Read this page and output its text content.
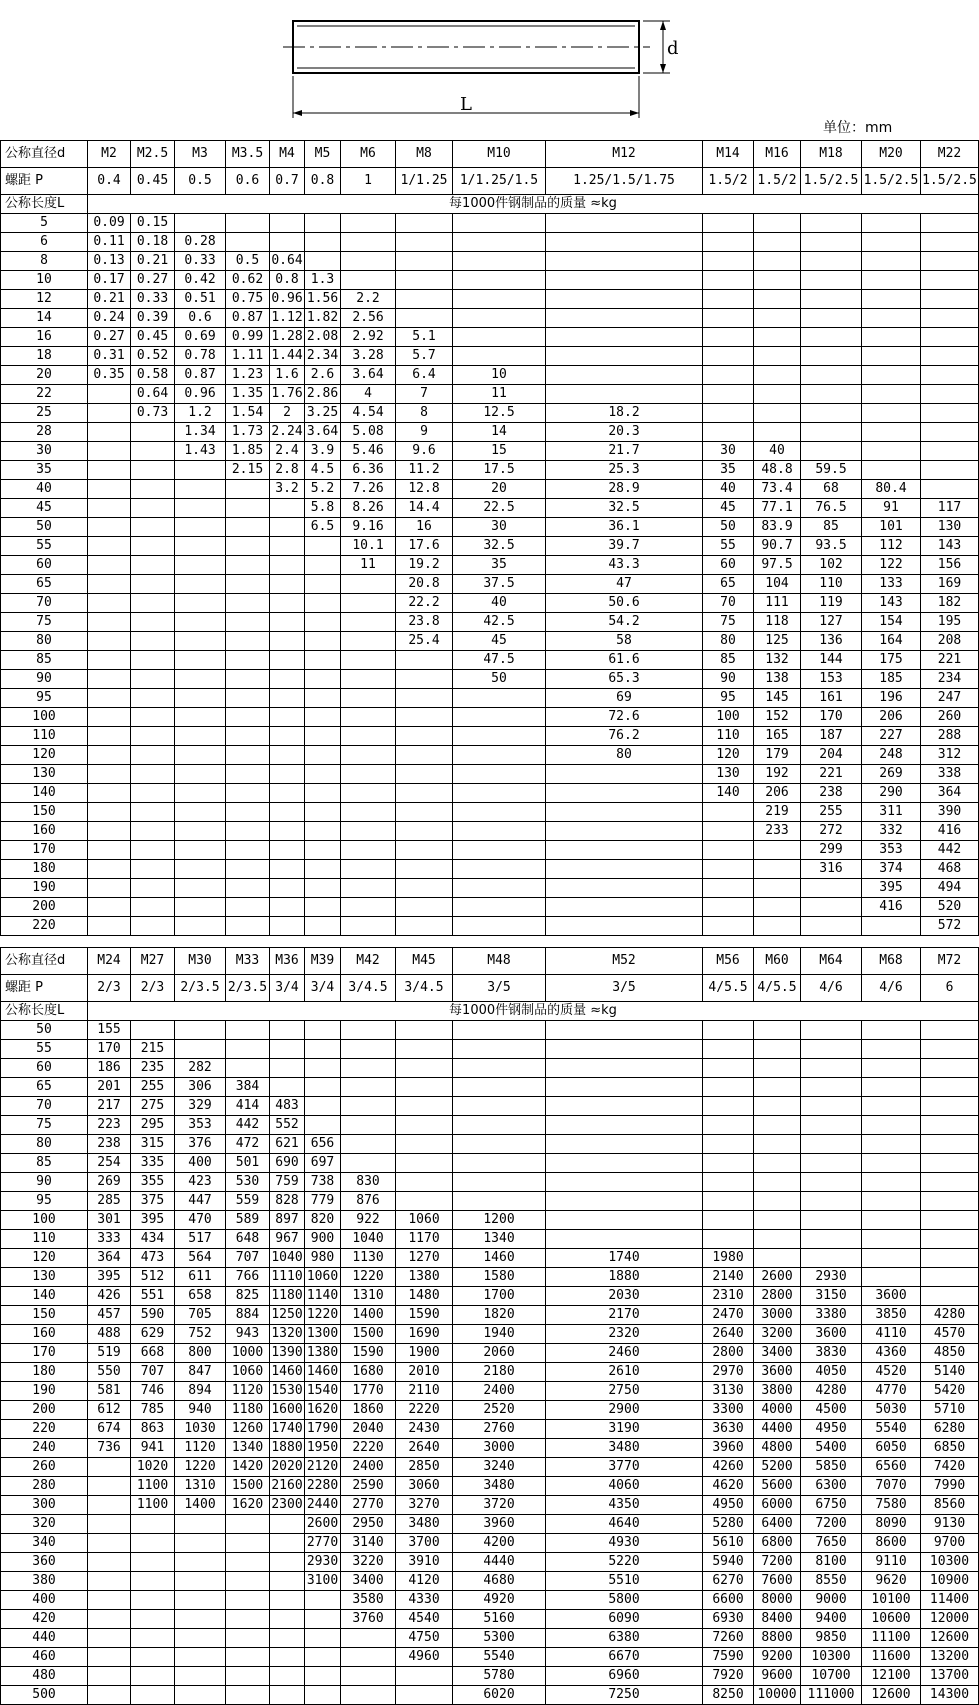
d
L
单位：mm
公称直径d	M2	M2.5	M3	M3.5	M4	M5	M6	M8	M10	M12	M14	M16	M18	M20	M22
螺距 P	0.4	0.45	0.5	0.6	0.7	0.8	1	1/1.25	1/1.25/1.5	1.25/1.5/1.75	1.5/2	1.5/2	1.5/2.5	1.5/2.5	1.5/2.5
公称长度L	每1000件钢制品的质量 ≈kg														
5	0.09	0.15													
6	0.11	0.18	0.28												
8	0.13	0.21	0.33	0.5	0.64										
10	0.17	0.27	0.42	0.62	0.8	1.3									
12	0.21	0.33	0.51	0.75	0.96	1.56	2.2								
14	0.24	0.39	0.6	0.87	1.12	1.82	2.56								
16	0.27	0.45	0.69	0.99	1.28	2.08	2.92	5.1							
18	0.31	0.52	0.78	1.11	1.44	2.34	3.28	5.7							
20	0.35	0.58	0.87	1.23	1.6	2.6	3.64	6.4	10						
22		0.64	0.96	1.35	1.76	2.86	4	7	11						
25		0.73	1.2	1.54	2	3.25	4.54	8	12.5	18.2					
28			1.34	1.73	2.24	3.64	5.08	9	14	20.3					
30			1.43	1.85	2.4	3.9	5.46	9.6	15	21.7	30	40			
35				2.15	2.8	4.5	6.36	11.2	17.5	25.3	35	48.8	59.5		
40					3.2	5.2	7.26	12.8	20	28.9	40	73.4	68	80.4	
45						5.8	8.26	14.4	22.5	32.5	45	77.1	76.5	91	117
50						6.5	9.16	16	30	36.1	50	83.9	85	101	130
55							10.1	17.6	32.5	39.7	55	90.7	93.5	112	143
60							11	19.2	35	43.3	60	97.5	102	122	156
65								20.8	37.5	47	65	104	110	133	169
70								22.2	40	50.6	70	111	119	143	182
75								23.8	42.5	54.2	75	118	127	154	195
80								25.4	45	58	80	125	136	164	208
85									47.5	61.6	85	132	144	175	221
90									50	65.3	90	138	153	185	234
95										69	95	145	161	196	247
100										72.6	100	152	170	206	260
110										76.2	110	165	187	227	288
120										80	120	179	204	248	312
130											130	192	221	269	338
140											140	206	238	290	364
150												219	255	311	390
160												233	272	332	416
170													299	353	442
180													316	374	468
190														395	494
200														416	520
220															572
公称直径d	M24	M27	M30	M33	M36	M39	M42	M45	M48	M52	M56	M60	M64	M68	M72
螺距 P	2/3	2/3	2/3.5	2/3.5	3/4	3/4	3/4.5	3/4.5	3/5	3/5	4/5.5	4/5.5	4/6	4/6	6
公称长度L	每1000件钢制品的质量 ≈kg														
50	155														
55	170	215													
60	186	235	282												
65	201	255	306	384											
70	217	275	329	414	483										
75	223	295	353	442	552										
80	238	315	376	472	621	656									
85	254	335	400	501	690	697									
90	269	355	423	530	759	738	830								
95	285	375	447	559	828	779	876								
100	301	395	470	589	897	820	922	1060	1200						
110	333	434	517	648	967	900	1040	1170	1340						
120	364	473	564	707	1040	980	1130	1270	1460	1740	1980				
130	395	512	611	766	1110	1060	1220	1380	1580	1880	2140	2600	2930		
140	426	551	658	825	1180	1140	1310	1480	1700	2030	2310	2800	3150	3600	
150	457	590	705	884	1250	1220	1400	1590	1820	2170	2470	3000	3380	3850	4280
160	488	629	752	943	1320	1300	1500	1690	1940	2320	2640	3200	3600	4110	4570
170	519	668	800	1000	1390	1380	1590	1900	2060	2460	2800	3400	3830	4360	4850
180	550	707	847	1060	1460	1460	1680	2010	2180	2610	2970	3600	4050	4520	5140
190	581	746	894	1120	1530	1540	1770	2110	2400	2750	3130	3800	4280	4770	5420
200	612	785	940	1180	1600	1620	1860	2220	2520	2900	3300	4000	4500	5030	5710
220	674	863	1030	1260	1740	1790	2040	2430	2760	3190	3630	4400	4950	5540	6280
240	736	941	1120	1340	1880	1950	2220	2640	3000	3480	3960	4800	5400	6050	6850
260		1020	1220	1420	2020	2120	2400	2850	3240	3770	4260	5200	5850	6560	7420
280		1100	1310	1500	2160	2280	2590	3060	3480	4060	4620	5600	6300	7070	7990
300		1100	1400	1620	2300	2440	2770	3270	3720	4350	4950	6000	6750	7580	8560
320						2600	2950	3480	3960	4640	5280	6400	7200	8090	9130
340						2770	3140	3700	4200	4930	5610	6800	7650	8600	9700
360						2930	3220	3910	4440	5220	5940	7200	8100	9110	10300
380						3100	3400	4120	4680	5510	6270	7600	8550	9620	10900
400							3580	4330	4920	5800	6600	8000	9000	10100	11400
420							3760	4540	5160	6090	6930	8400	9400	10600	12000
440								4750	5300	6380	7260	8800	9850	11100	12600
460								4960	5540	6670	7590	9200	10300	11600	13200
480									5780	6960	7920	9600	10700	12100	13700
500									6020	7250	8250	10000	111000	12600	14300
